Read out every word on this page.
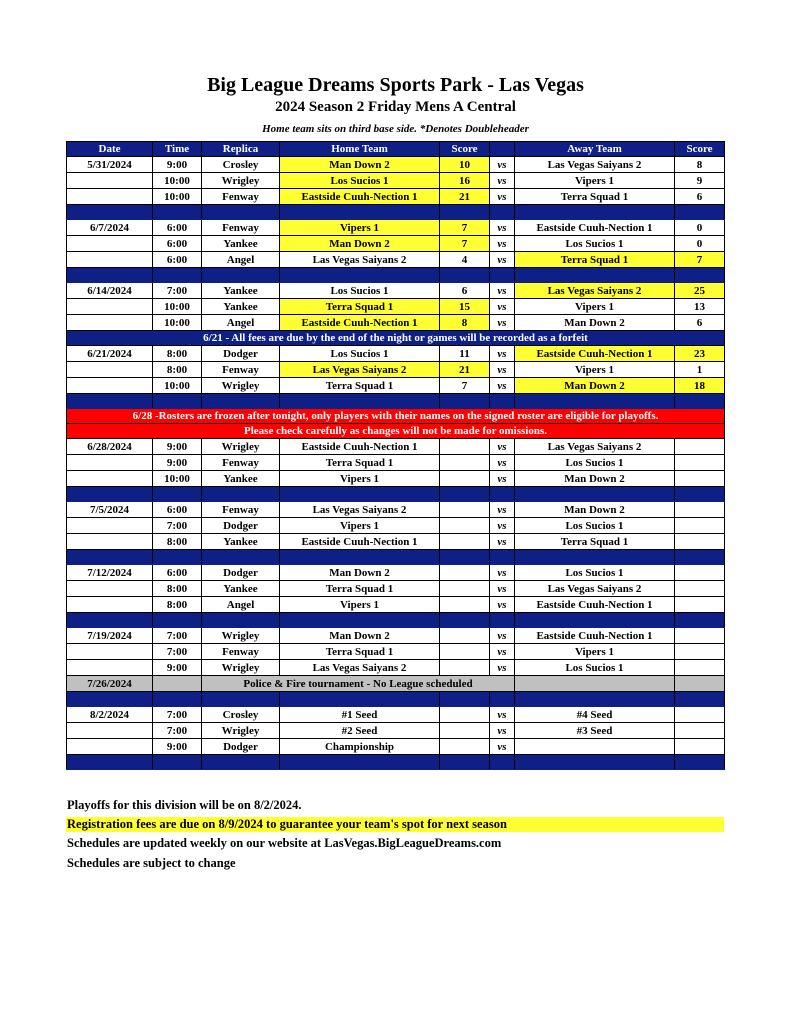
Big League Dreams Sports Park - Las Vegas
2024 Season 2 Friday Mens A Central
Home team sits on third base side. *Denotes Doubleheader
Date	Time	Replica	Home Team	Score		Away Team	Score
5/31/2024	9:00	Crosley	Man Down 2	10	vs	Las Vegas Saiyans 2	8
	10:00	Wrigley	Los Sucios 1	16	vs	Vipers 1	9
	10:00	Fenway	Eastside Cuuh-Nection 1	21	vs	Terra Squad 1	6

6/7/2024	6:00	Fenway	Vipers 1	7	vs	Eastside Cuuh-Nection 1	0
	6:00	Yankee	Man Down 2	7	vs	Los Sucios 1	0
	6:00	Angel	Las Vegas Saiyans 2	4	vs	Terra Squad 1	7

6/14/2024	7:00	Yankee	Los Sucios 1	6	vs	Las Vegas Saiyans 2	25
	10:00	Yankee	Terra Squad 1	15	vs	Vipers 1	13
	10:00	Angel	Eastside Cuuh-Nection 1	8	vs	Man Down 2	6
6/21 - All fees are due by the end of the night or games will be recorded as a forfeit							
6/21/2024	8:00	Dodger	Los Sucios 1	11	vs	Eastside Cuuh-Nection 1	23
	8:00	Fenway	Las Vegas Saiyans 2	21	vs	Vipers 1	1
	10:00	Wrigley	Terra Squad 1	7	vs	Man Down 2	18

6/28 -Rosters are frozen after tonight, only players with their names on the signed roster are eligible for playoffs.							
Please check carefully as changes will not be made for omissions.							
6/28/2024	9:00	Wrigley	Eastside Cuuh-Nection 1		vs	Las Vegas Saiyans 2	
	9:00	Fenway	Terra Squad 1		vs	Los Sucios 1	
	10:00	Yankee	Vipers 1		vs	Man Down 2	

7/5/2024	6:00	Fenway	Las Vegas Saiyans 2		vs	Man Down 2	
	7:00	Dodger	Vipers 1		vs	Los Sucios 1	
	8:00	Yankee	Eastside Cuuh-Nection 1		vs	Terra Squad 1	

7/12/2024	6:00	Dodger	Man Down 2		vs	Los Sucios 1	
	8:00	Yankee	Terra Squad 1		vs	Las Vegas Saiyans 2	
	8:00	Angel	Vipers 1		vs	Eastside Cuuh-Nection 1	

7/19/2024	7:00	Wrigley	Man Down 2		vs	Eastside Cuuh-Nection 1	
	7:00	Fenway	Terra Squad 1		vs	Vipers 1	
	9:00	Wrigley	Las Vegas Saiyans 2		vs	Los Sucios 1	
7/26/2024		Police & Fire tournament - No League scheduled					

8/2/2024	7:00	Crosley	#1 Seed		vs	#4 Seed	
	7:00	Wrigley	#2 Seed		vs	#3 Seed	
	9:00	Dodger	Championship		vs		

Playoffs for this division will be on 8/2/2024.
Registration fees are due on 8/9/2024 to guarantee your team's spot for next season
Schedules are updated weekly on our website at LasVegas.BigLeagueDreams.com
Schedules are subject to change
